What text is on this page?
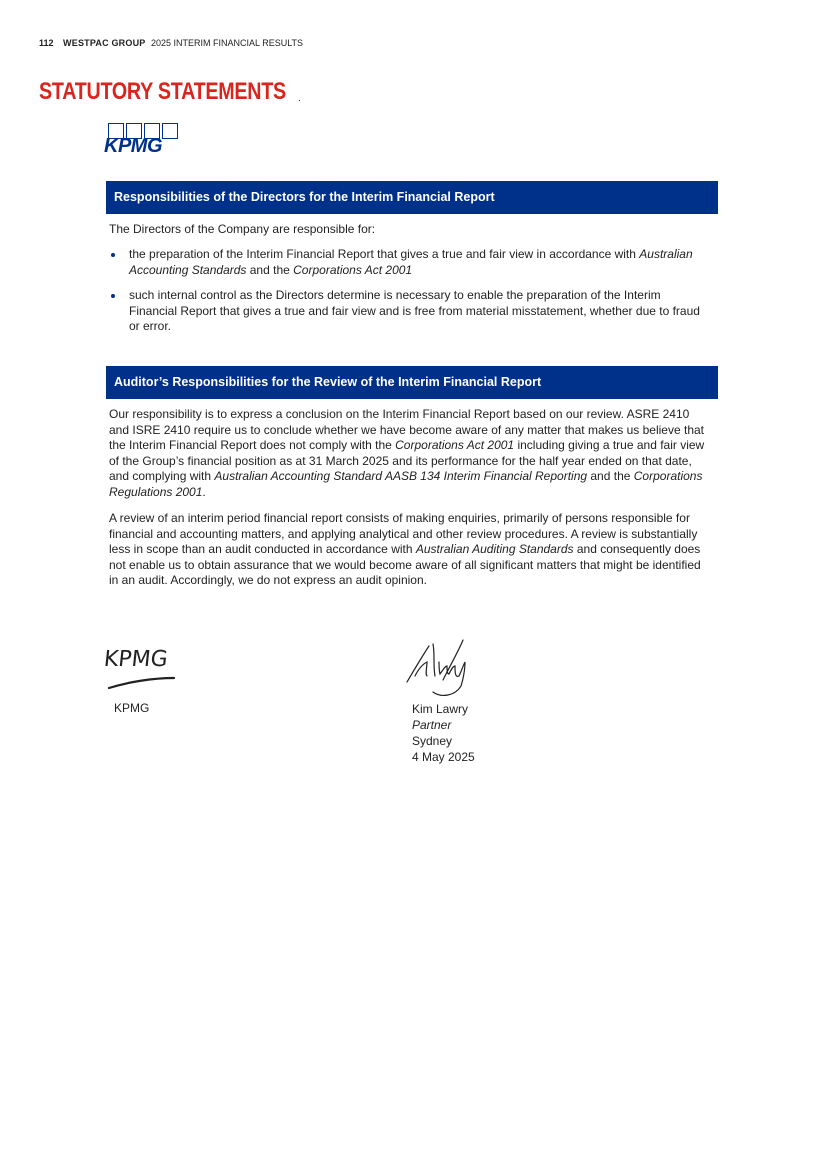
112 WESTPAC GROUP 2025 INTERIM FINANCIAL RESULTS
STATUTORY STATEMENTS
KPMG
Responsibilities of the Directors for the Interim Financial Report
The Directors of the Company are responsible for:
the preparation of the Interim Financial Report that gives a true and fair view in accordance with Australian Accounting Standards and the Corporations Act 2001
such internal control as the Directors determine is necessary to enable the preparation of the Interim Financial Report that gives a true and fair view and is free from material misstatement, whether due to fraud or error.
Auditor’s Responsibilities for the Review of the Interim Financial Report
Our responsibility is to express a conclusion on the Interim Financial Report based on our review. ASRE 2410 and ISRE 2410 require us to conclude whether we have become aware of any matter that makes us believe that the Interim Financial Report does not comply with the Corporations Act 2001 including giving a true and fair view of the Group’s financial position as at 31 March 2025 and its performance for the half year ended on that date, and complying with Australian Accounting Standard AASB 134 Interim Financial Reporting and the Corporations Regulations 2001.
A review of an interim period financial report consists of making enquiries, primarily of persons responsible for financial and accounting matters, and applying analytical and other review procedures. A review is substantially less in scope than an audit conducted in accordance with Australian Auditing Standards and consequently does not enable us to obtain assurance that we would become aware of all significant matters that might be identified in an audit. Accordingly, we do not express an audit opinion.
KPMG
KPMG	Kim Lawry
Partner
Sydney
4 May 2025
